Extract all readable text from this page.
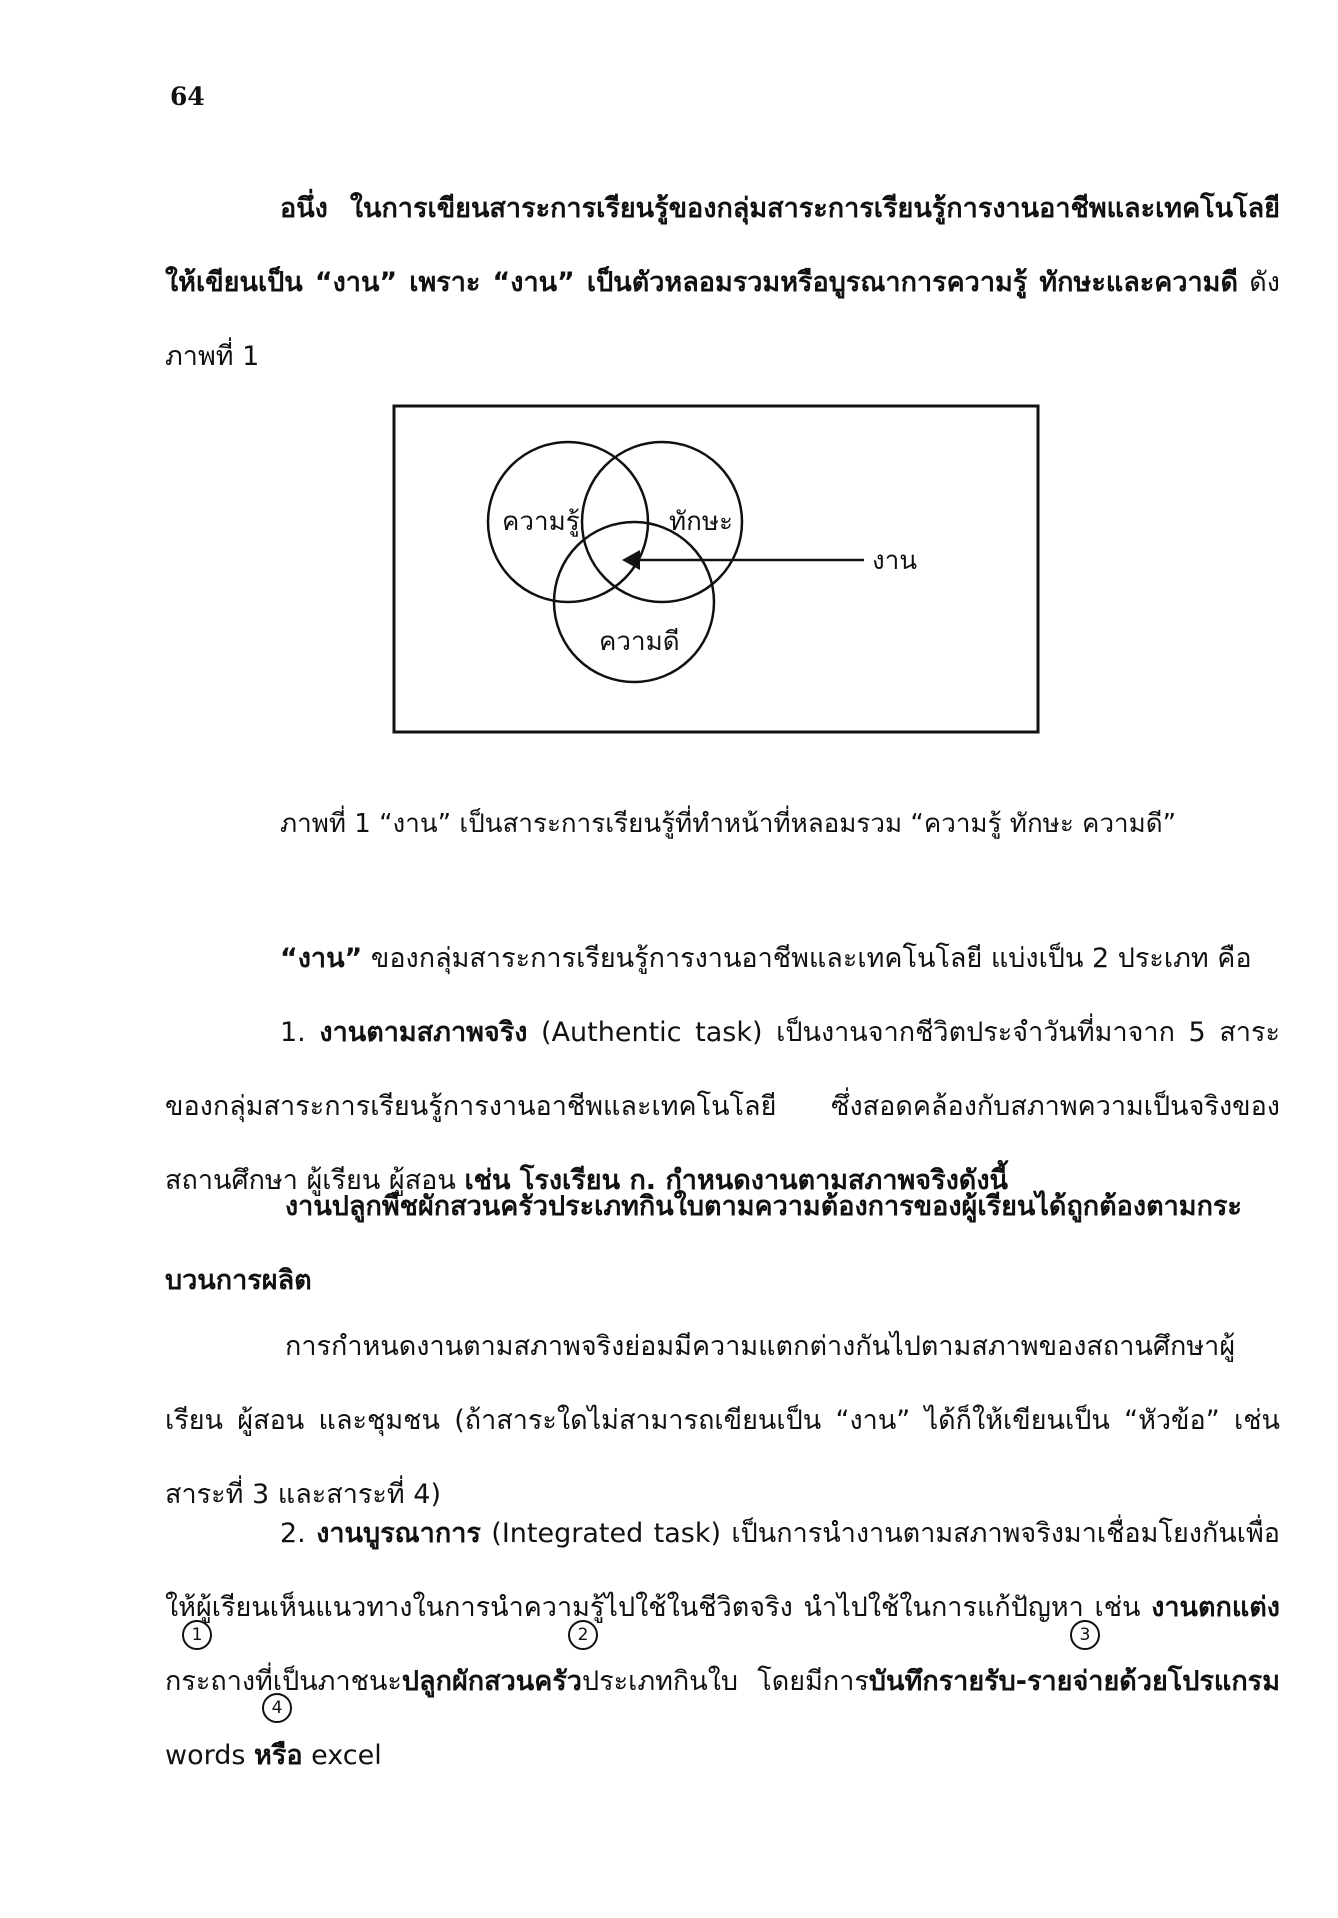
64

อนึ่ง ในการเขียนสาระการเรียนรู้ของกลุ่มสาระการเรียนรู้การงานอาชีพและเทคโนโลยีให้เขียนเป็น “งาน” เพราะ “งาน” เป็นตัวหลอมรวมหรือบูรณาการความรู้ ทักษะและความดี ดังภาพที่ 1

ความรู้	ทักษะ
ความดี
งาน
ภาพที่ 1 “งาน” เป็นสาระการเรียนรู้ที่ทำหน้าที่หลอมรวม “ความรู้ ทักษะ ความดี”

“งาน” ของกลุ่มสาระการเรียนรู้การงานอาชีพและเทคโนโลยี แบ่งเป็น 2 ประเภท คือ

1. งานตามสภาพจริง (Authentic task) เป็นงานจากชีวิตประจำวันที่มาจาก 5 สาระของกลุ่มสาระการเรียนรู้การงานอาชีพและเทคโนโลยี ซึ่งสอดคล้องกับสภาพความเป็นจริงของสถานศึกษา ผู้เรียน ผู้สอน เช่น โรงเรียน ก. กำหนดงานตามสภาพจริงดังนี้

งานปลูกพืชผักสวนครัวประเภทกินใบตามความต้องการของผู้เรียนได้ถูกต้องตามกระบวนการผลิต

การกำหนดงานตามสภาพจริงย่อมมีความแตกต่างกันไปตามสภาพของสถานศึกษาผู้เรียน ผู้สอน และชุมชน (ถ้าสาระใดไม่สามารถเขียนเป็น “งาน” ได้ก็ให้เขียนเป็น “หัวข้อ” เช่น สาระที่ 3 และสาระที่ 4)

2. งานบูรณาการ (Integrated task) เป็นการนำงานตามสภาพจริงมาเชื่อมโยงกันเพื่อให้ผู้เรียนเห็นแนวทางในการนำความรู้ไปใช้ในชีวิตจริง นำไปใช้ในการแก้ปัญหา เช่น งานตกแต่งกระถางที่เป็นภาชนะปลูกผักสวนครัวประเภทกินใบ โดยมีการบันทึกรายรับ-รายจ่ายด้วยโปรแกรม words หรือ excel

1	2	3
4
